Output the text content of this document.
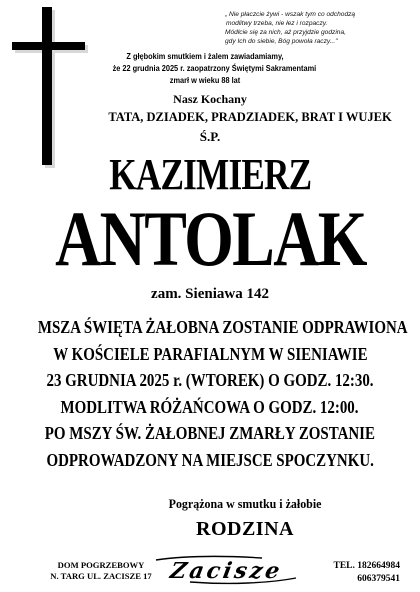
„ Nie płaczcie żywi - wszak tym co odchodzą
modlitwy trzeba, nie łez i rozpaczy.
Módlcie się za nich, aż przyjdzie godzina,
gdy Ich do siebie, Bóg powoła raczy..."
Z głębokim smutkiem i żalem zawiadamiamy,
że 22 grudnia 2025 r. zaopatrzony Świętymi Sakramentami
zmarł w wieku 88 lat
Nasz Kochany
TATA, DZIADEK, PRADZIADEK, BRAT I WUJEK
Ś.P.
KAZIMIERZ
ANTOLAK
zam. Sieniawa 142
MSZA ŚWIĘTA ŻAŁOBNA ZOSTANIE ODPRAWIONA
W KOŚCIELE PARAFIALNYM W SIENIAWIE
23 GRUDNIA 2025 r. (WTOREK) O GODZ. 12:30.
MODLITWA RÓŻAŃCOWA O GODZ. 12:00.
PO MSZY ŚW. ŻAŁOBNEJ ZMARŁY ZOSTANIE
ODPROWADZONY NA MIEJSCE SPOCZYNKU.
Pogrążona w smutku i żałobie
RODZINA
DOM POGRZEBOWY
N. TARG UL. ZACISZE 17 Zacisze	TEL. 182664984
606379541
